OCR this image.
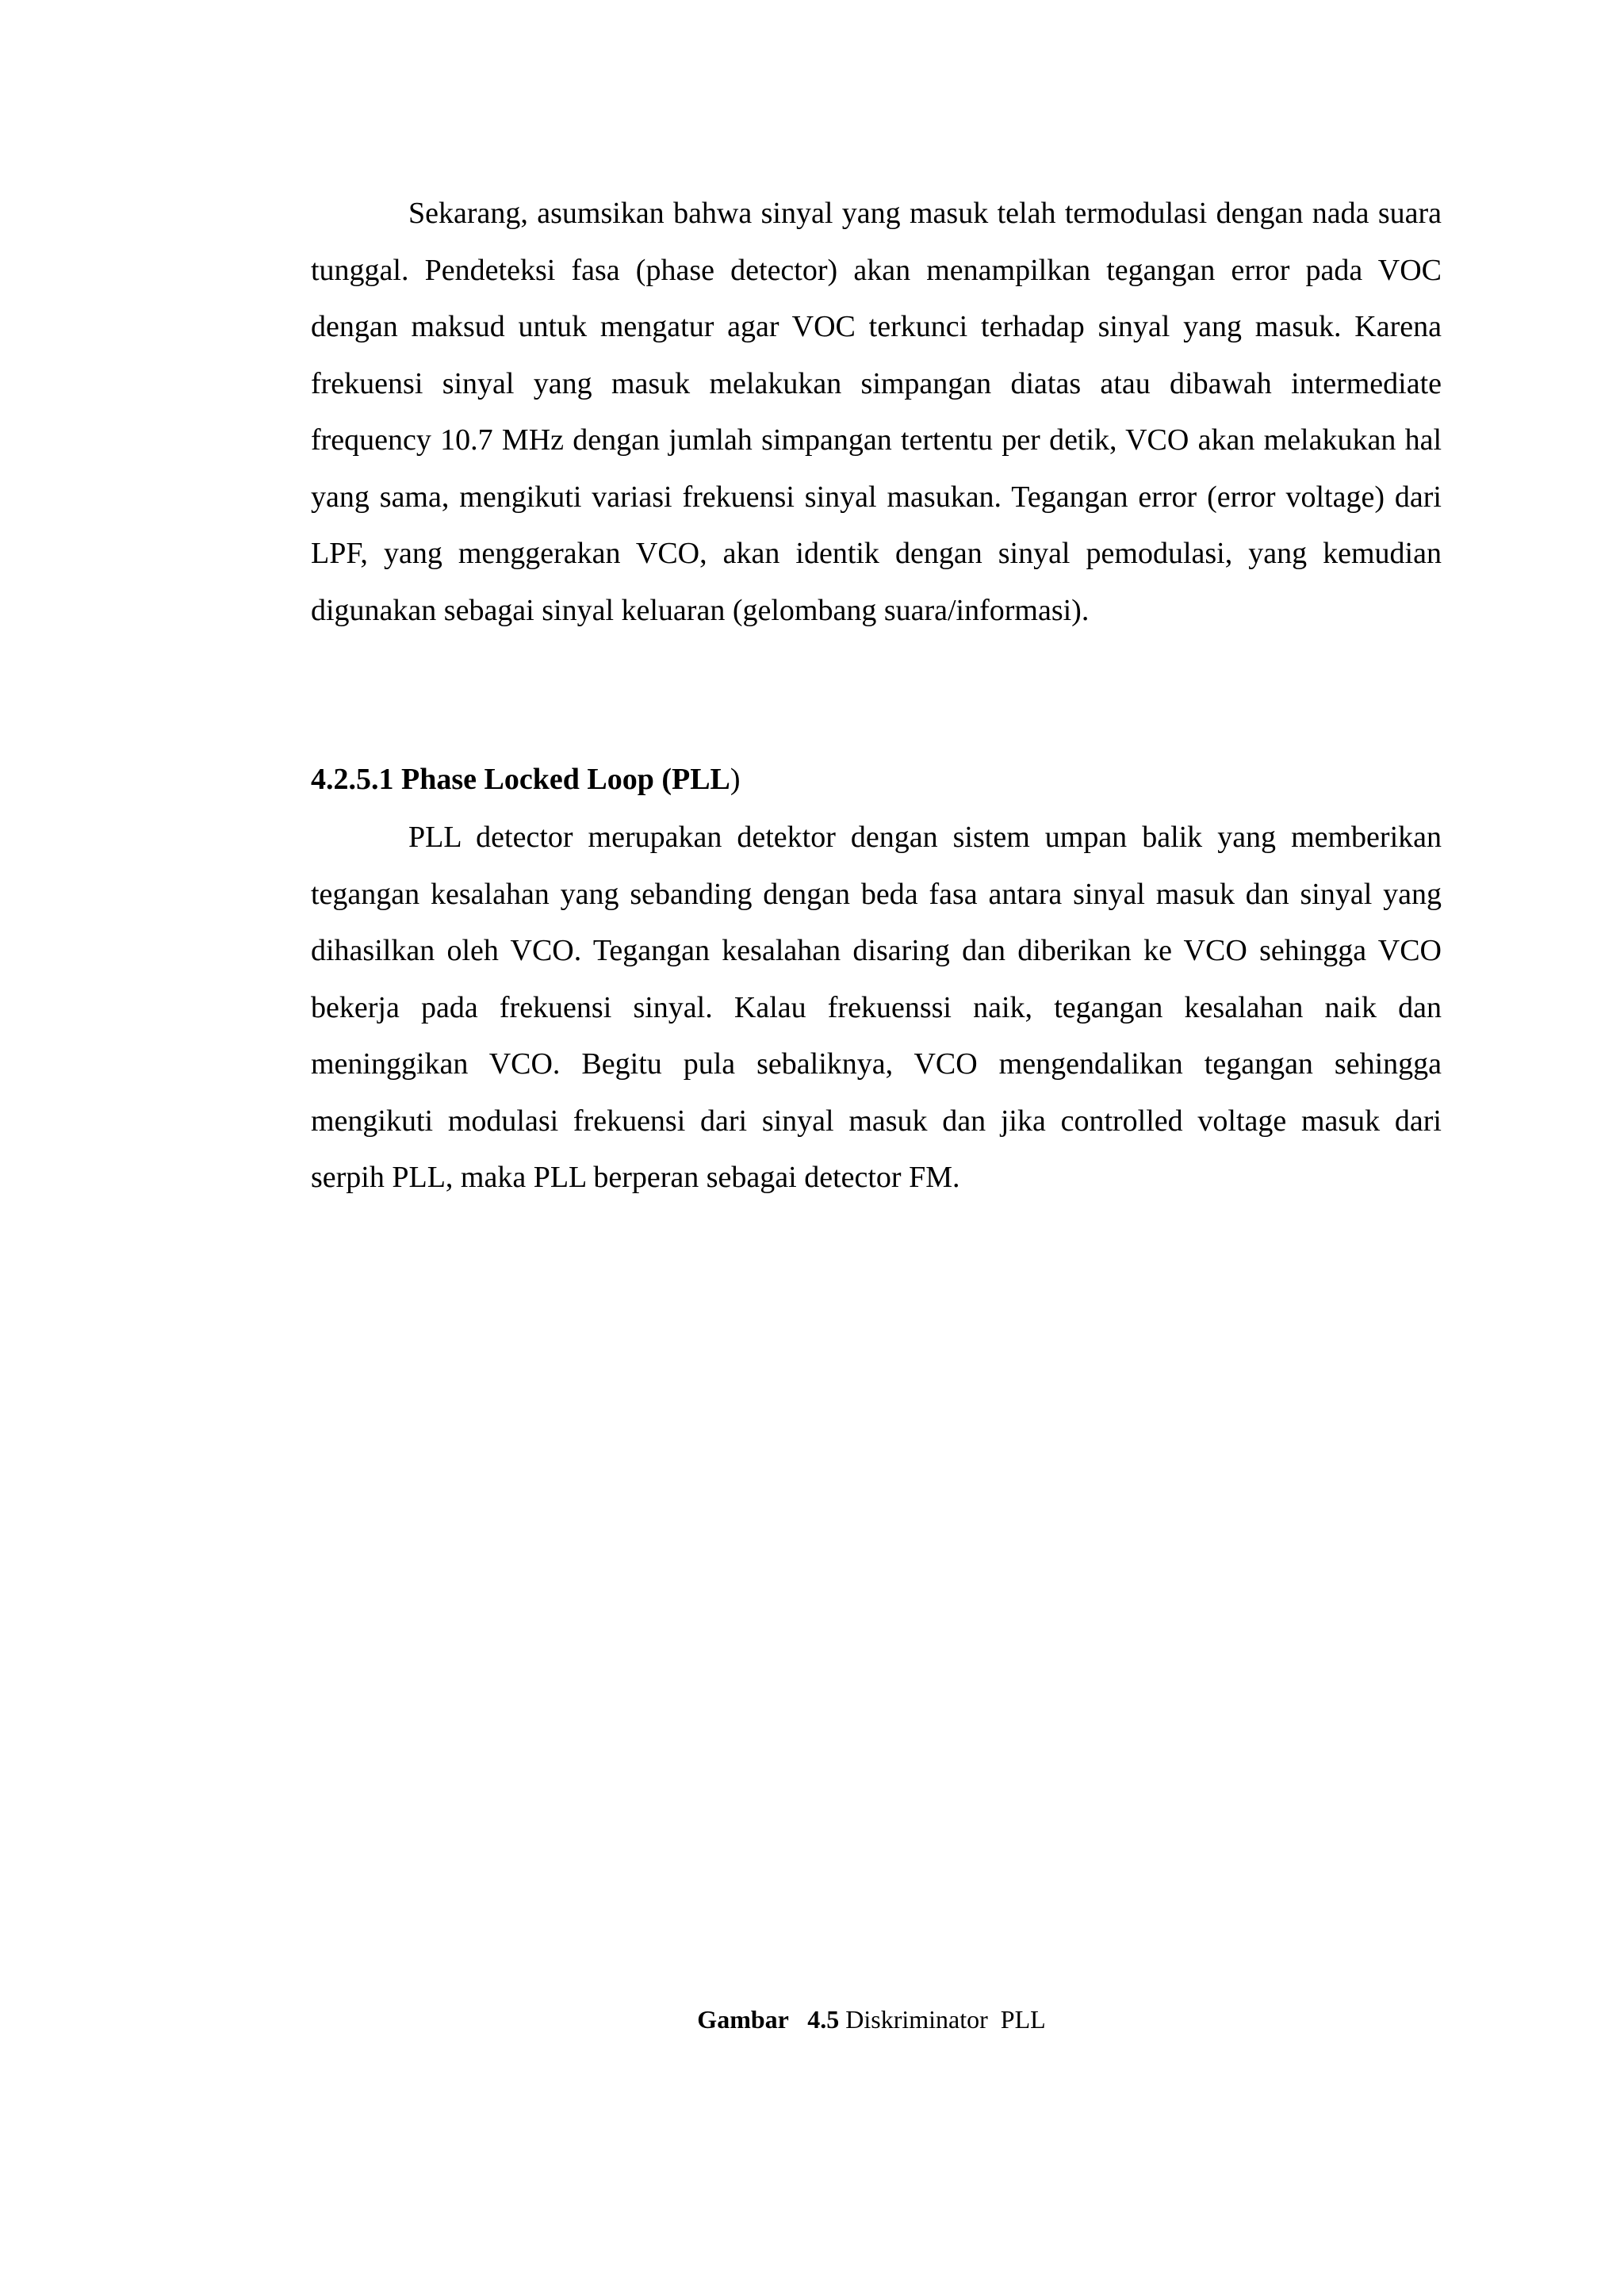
Sekarang, asumsikan bahwa sinyal yang masuk telah termodulasi dengan nada suara tunggal. Pendeteksi fasa (phase detector) akan menampilkan tegangan error pada VOC dengan maksud untuk mengatur agar VOC terkunci terhadap sinyal yang masuk. Karena frekuensi sinyal yang masuk melakukan simpangan diatas atau dibawah intermediate frequency 10.7 MHz dengan jumlah simpangan tertentu per detik, VCO akan melakukan hal yang sama, mengikuti variasi frekuensi sinyal masukan. Tegangan error (error voltage) dari LPF, yang menggerakan VCO, akan identik dengan sinyal pemodulasi, yang kemudian digunakan sebagai sinyal keluaran (gelombang suara/informasi).

4.2.5.1 Phase Locked Loop (PLL)

PLL detector merupakan detektor dengan sistem umpan balik yang memberikan tegangan kesalahan yang sebanding dengan beda fasa antara sinyal masuk dan sinyal yang dihasilkan oleh VCO. Tegangan kesalahan disaring dan diberikan ke VCO sehingga VCO bekerja pada frekuensi sinyal. Kalau frekuenssi naik, tegangan kesalahan naik dan meninggikan VCO. Begitu pula sebaliknya, VCO mengendalikan tegangan sehingga mengikuti modulasi frekuensi dari sinyal masuk dan jika controlled voltage masuk dari serpih PLL, maka PLL berperan sebagai detector FM.

Gambar   4.5 Diskriminator  PLL
